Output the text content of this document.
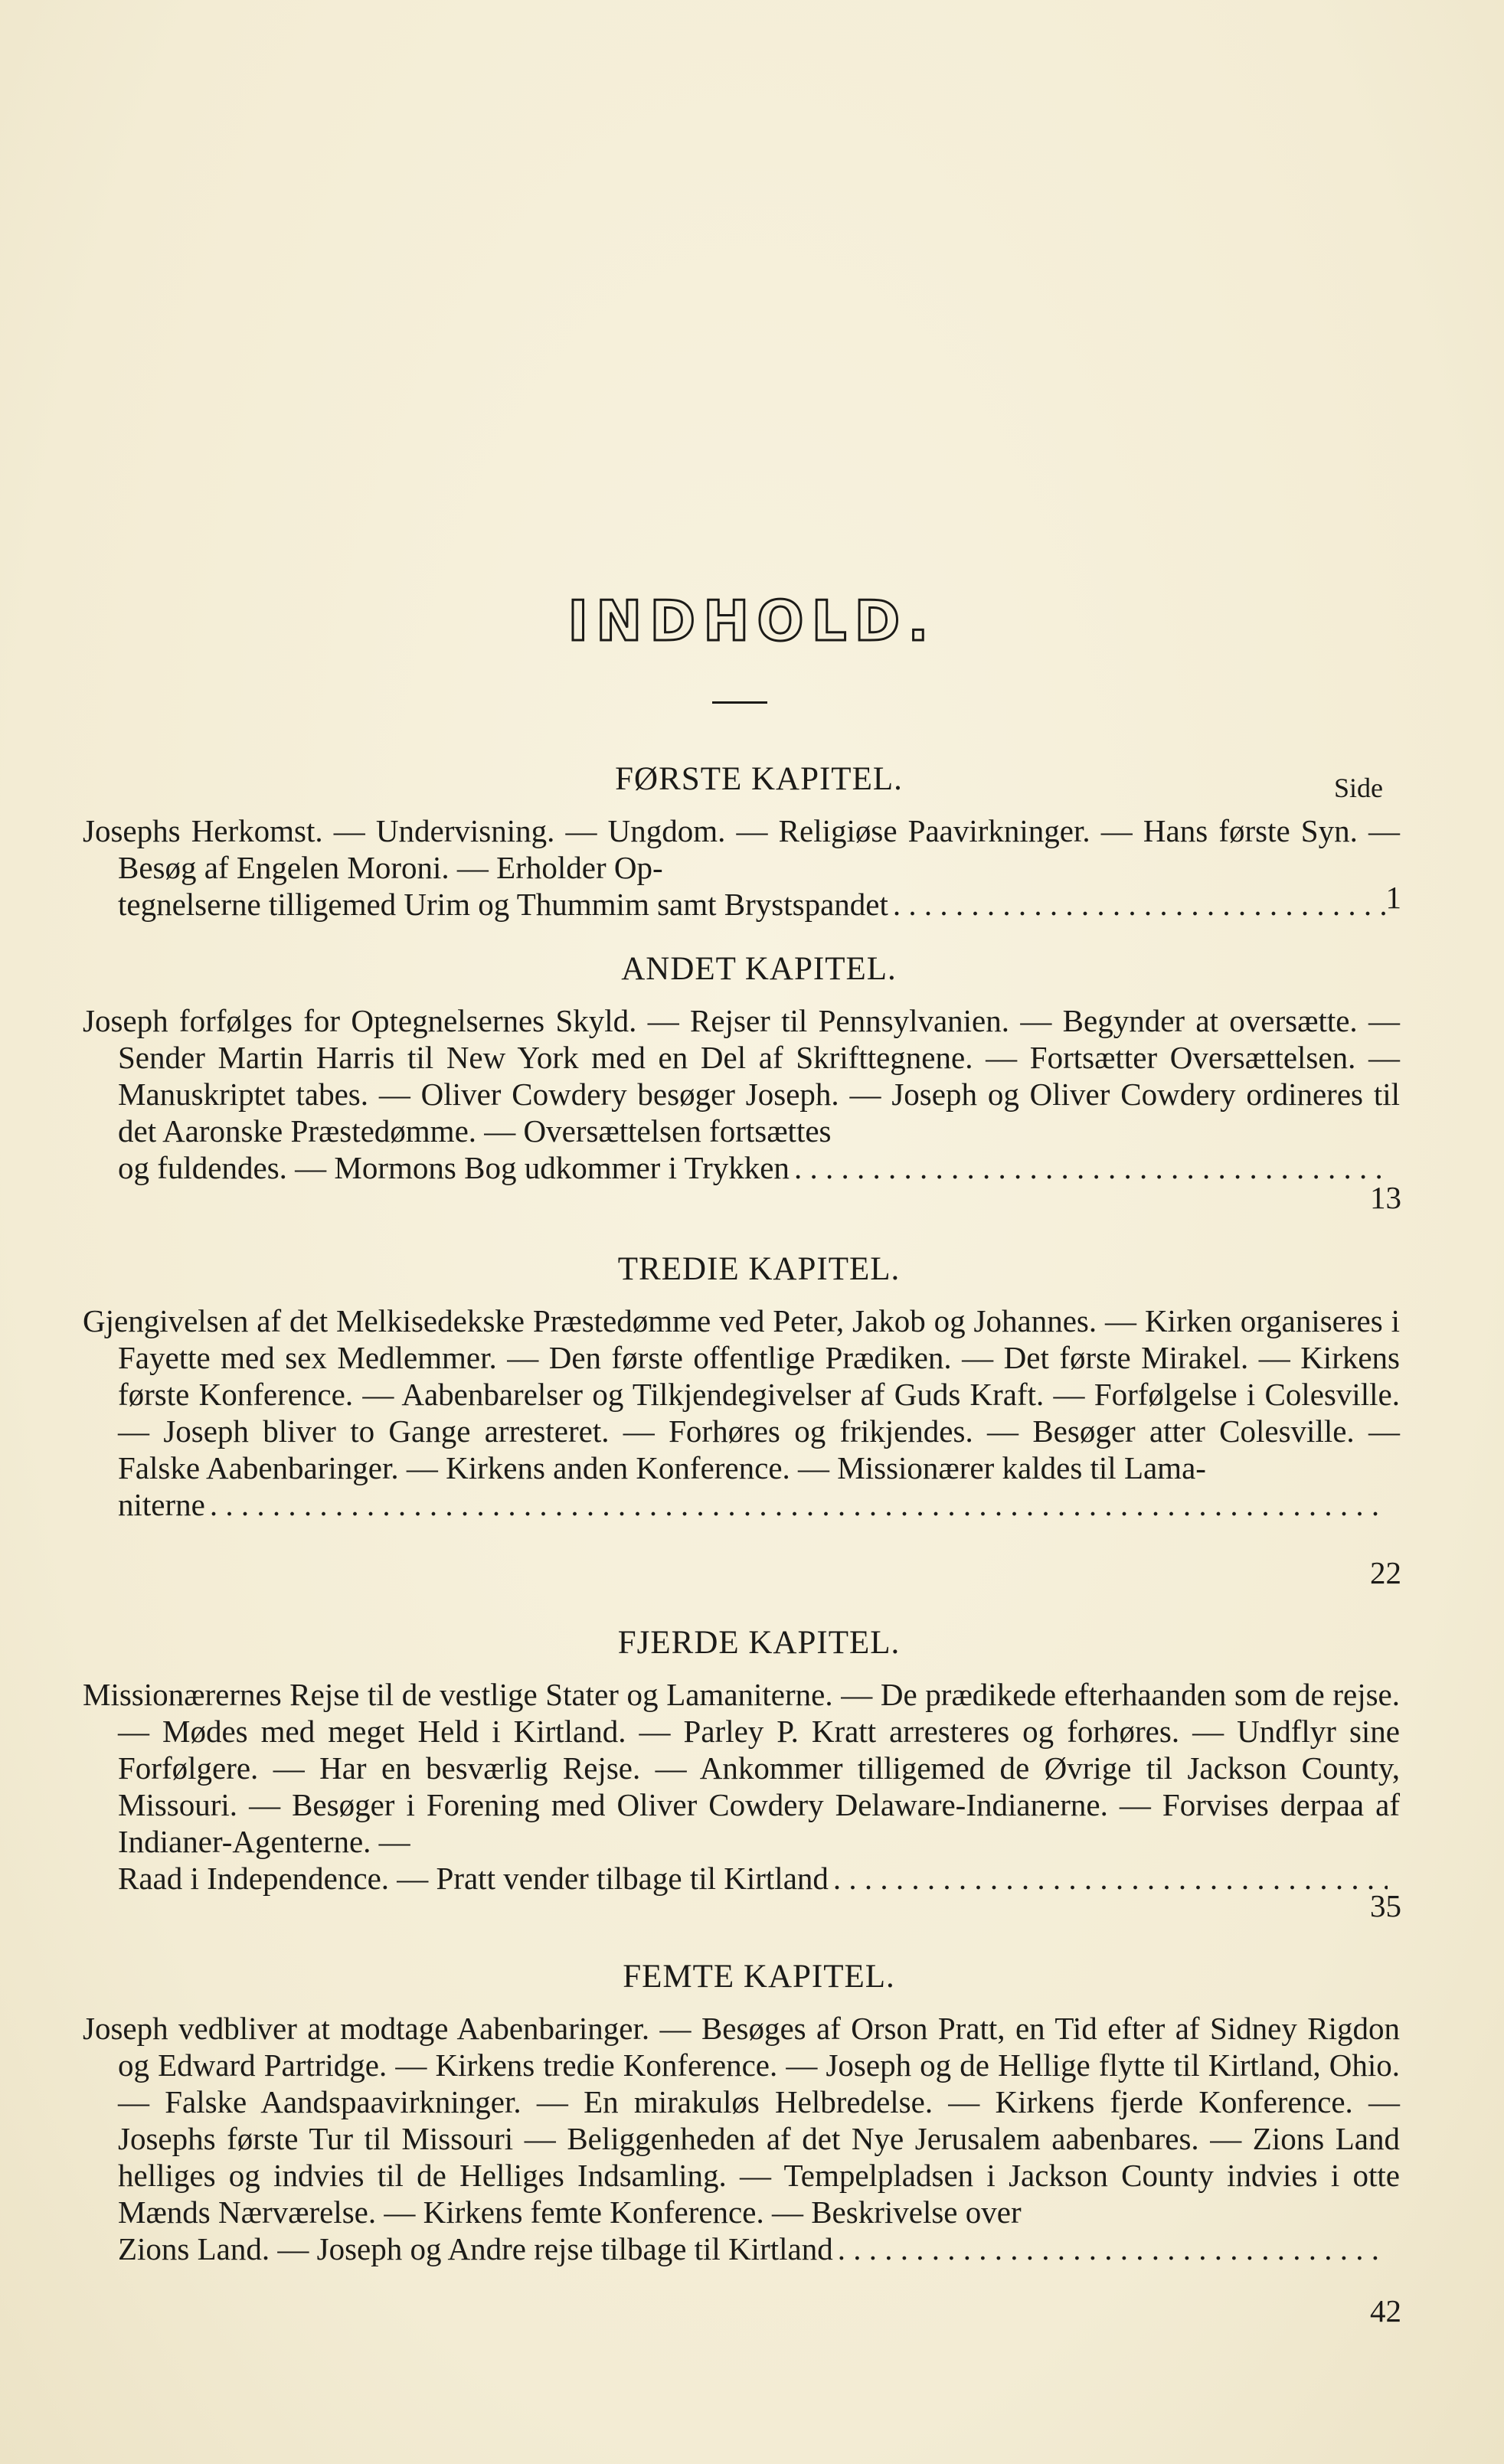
INDHOLD.
Side
FØRSTE KAPITEL.

Josephs Herkomst. — Undervisning. — Ungdom. — Religiøse Paavirkninger. — Hans første Syn. — Besøg af Engelen Moroni. — Erholder Op-

tegnelserne tilligemed Urim og Thummim samt Brystspandet
. . .	1
ANDET KAPITEL.

Joseph forfølges for Optegnelsernes Skyld. — Rejser til Pennsylvanien. — Begynder at oversætte. — Sender Martin Harris til New York med en Del af Skrifttegnene. — Fortsætter Oversættelsen. — Manuskriptet tabes. — Oliver Cowdery besøger Joseph. — Joseph og Oliver Cowdery ordineres til det Aaronske Præstedømme. — Oversættelsen fortsættes

og fuldendes. — Mormons Bog udkommer i Trykken
. . .
13
TREDIE KAPITEL.

Gjengivelsen af det Melkisedekske Præstedømme ved Peter, Jakob og Johannes. — Kirken organiseres i Fayette med sex Medlemmer. — Den første offentlige Prædiken. — Det første Mirakel. — Kirkens første Konference. — Aabenbarelser og Tilkjendegivelser af Guds Kraft. — Forfølgelse i Colesville. — Joseph bliver to Gange arresteret. — Forhøres og frikjendes. — Besøger atter Colesville. — Falske Aabenbaringer. — Kirkens anden Konference. — Missionærer kaldes til Lama-

niterne
. . .
22
FJERDE KAPITEL.

Missionærernes Rejse til de vestlige Stater og Lamaniterne. — De prædikede efterhaanden som de rejse. — Mødes med meget Held i Kirtland. — Parley P. Kratt arresteres og forhøres. — Undflyr sine Forfølgere. — Har en besværlig Rejse. — Ankommer tilligemed de Øvrige til Jackson County, Missouri. — Besøger i Forening med Oliver Cowdery Delaware-Indianerne. — Forvises derpaa af Indianer-Agenterne. —

Raad i Independence. — Pratt vender tilbage til Kirtland
. . .
35
FEMTE KAPITEL.

Joseph vedbliver at modtage Aabenbaringer. — Besøges af Orson Pratt, en Tid efter af Sidney Rigdon og Edward Partridge. — Kirkens tredie Konference. — Joseph og de Hellige flytte til Kirtland, Ohio. — Falske Aandspaavirkninger. — En mirakuløs Helbredelse. — Kirkens fjerde Konference. — Josephs første Tur til Missouri — Beliggenheden af det Nye Jerusalem aabenbares. — Zions Land helliges og indvies til de Helliges Indsamling. — Tempelpladsen i Jackson County indvies i otte Mænds Nærværelse. — Kirkens femte Konference. — Beskrivelse over

Zions Land. — Joseph og Andre rejse tilbage til Kirtland
. . .
42
